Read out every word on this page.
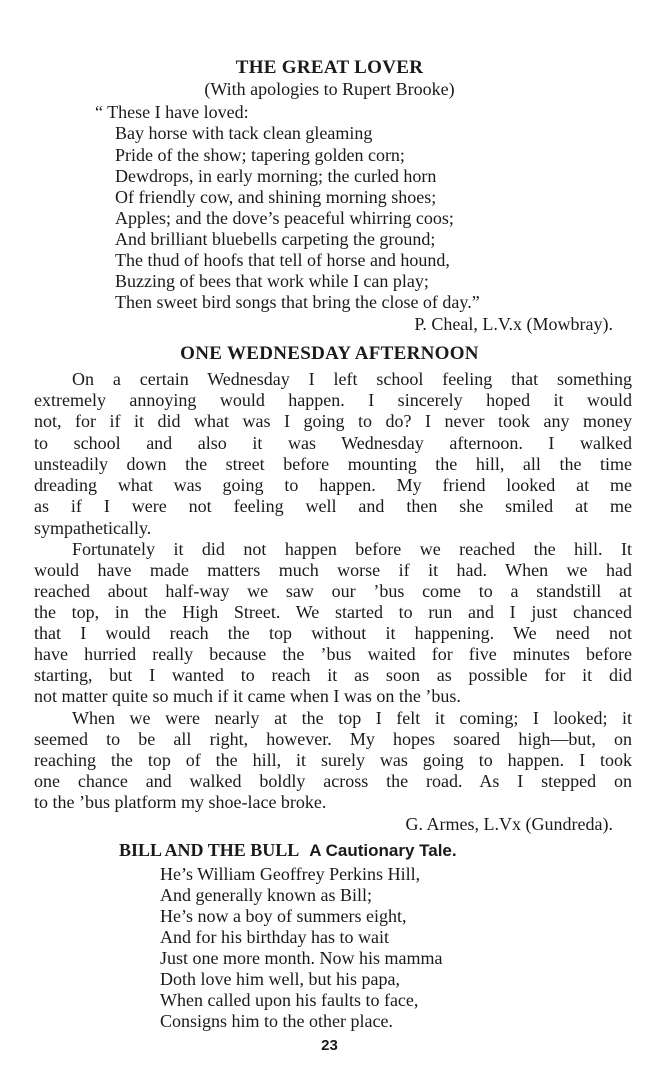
THE GREAT LOVER
(With apologies to Rupert Brooke)
“ These I have loved:
Bay horse with tack clean gleaming
Pride of the show; tapering golden corn;
Dewdrops, in early morning; the curled horn
Of friendly cow, and shining morning shoes;
Apples; and the dove’s peaceful whirring coos;
And brilliant bluebells carpeting the ground;
The thud of hoofs that tell of horse and hound,
Buzzing of bees that work while I can play;
Then sweet bird songs that bring the close of day.”
P. Cheal, L.V.x (Mowbray).
ONE WEDNESDAY AFTERNOON
On a certain Wednesday I left school feeling that something
extremely annoying would happen. I sincerely hoped it would
not, for if it did what was I going to do? I never took any money
to school and also it was Wednesday afternoon. I walked
unsteadily down the street before mounting the hill, all the time
dreading what was going to happen. My friend looked at me
as if I were not feeling well and then she smiled at me
sympathetically.
Fortunately it did not happen before we reached the hill. It
would have made matters much worse if it had. When we had
reached about half-way we saw our ’bus come to a standstill at
the top, in the High Street. We started to run and I just chanced
that I would reach the top without it happening. We need not
have hurried really because the ’bus waited for five minutes before
starting, but I wanted to reach it as soon as possible for it did
not matter quite so much if it came when I was on the ’bus.
When we were nearly at the top I felt it coming; I looked; it
seemed to be all right, however. My hopes soared high—but, on
reaching the top of the hill, it surely was going to happen. I took
one chance and walked boldly across the road. As I stepped on
to the ’bus platform my shoe-lace broke.
G. Armes, L.Vx (Gundreda).
BILL AND THE BULL A Cautionary Tale.
He’s William Geoffrey Perkins Hill,
And generally known as Bill;
He’s now a boy of summers eight,
And for his birthday has to wait
Just one more month. Now his mamma
Doth love him well, but his papa,
When called upon his faults to face,
Consigns him to the other place.
23
